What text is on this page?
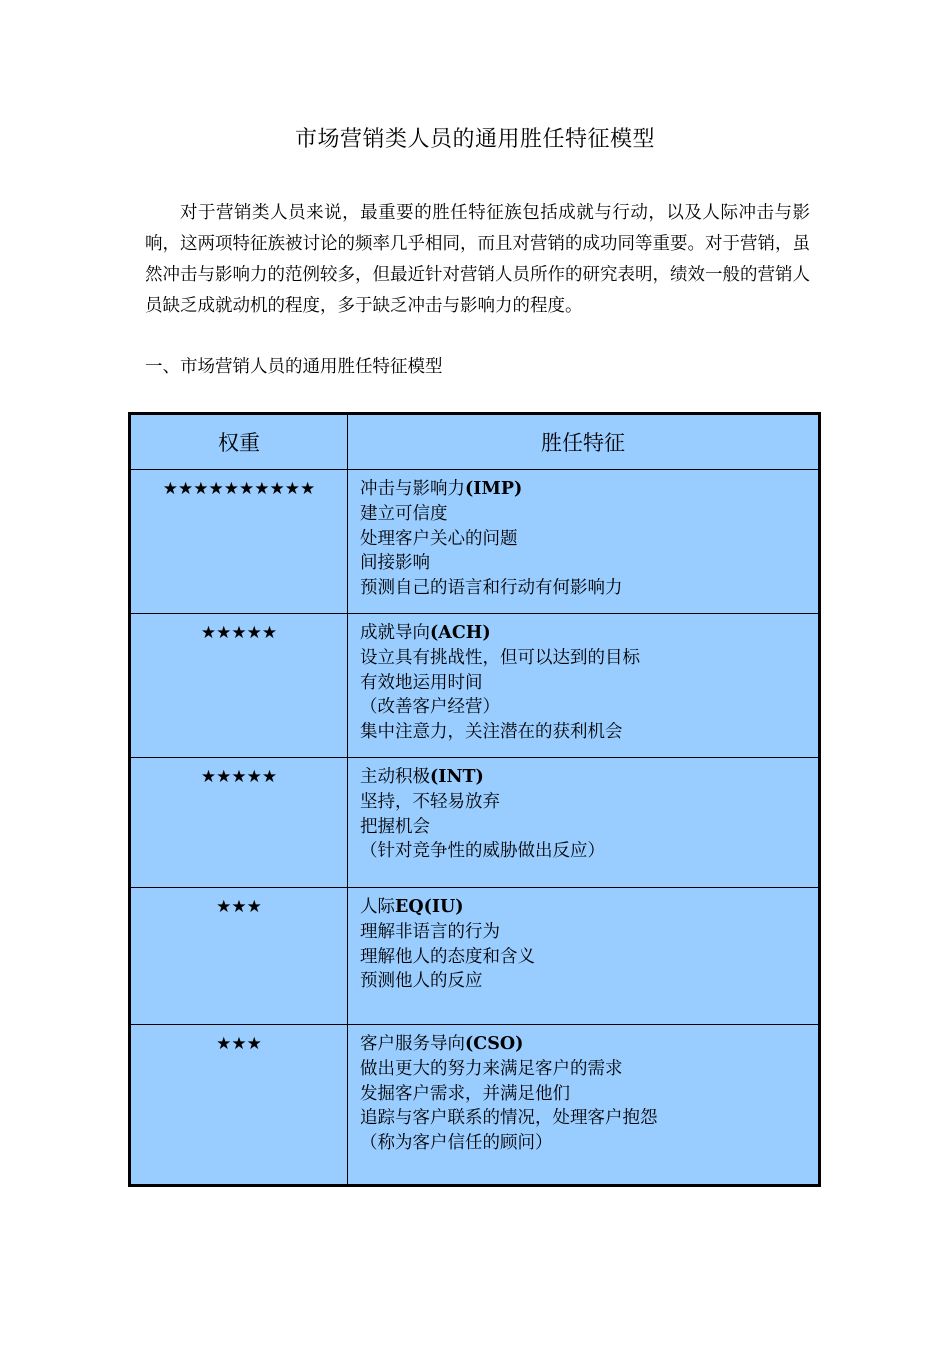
市场营销类人员的通用胜任特征模型

对于营销类人员来说，最重要的胜任特征族包括成就与行动，以及人际冲击与影响，这两项特征族被讨论的频率几乎相同，而且对营销的成功同等重要。对于营销，虽然冲击与影响力的范例较多，但最近针对营销人员所作的研究表明，绩效一般的营销人员缺乏成就动机的程度，多于缺乏冲击与影响力的程度。

一、市场营销人员的通用胜任特征模型
权重	胜任特征
★★★★★★★★★★	冲击与影响力(IMP)
建立可信度
处理客户关心的问题
间接影响
预测自己的语言和行动有何影响力

★★★★★	成就导向(ACH)
设立具有挑战性，但可以达到的目标
有效地运用时间
（改善客户经营）
集中注意力，关注潜在的获利机会

★★★★★	主动积极(INT)
坚持，不轻易放弃
把握机会
（针对竞争性的威胁做出反应）

★★★	人际EQ(IU)
理解非语言的行为
理解他人的态度和含义
预测他人的反应

★★★	客户服务导向(CSO)
做出更大的努力来满足客户的需求
发掘客户需求，并满足他们
追踪与客户联系的情况，处理客户抱怨
（称为客户信任的顾问）
